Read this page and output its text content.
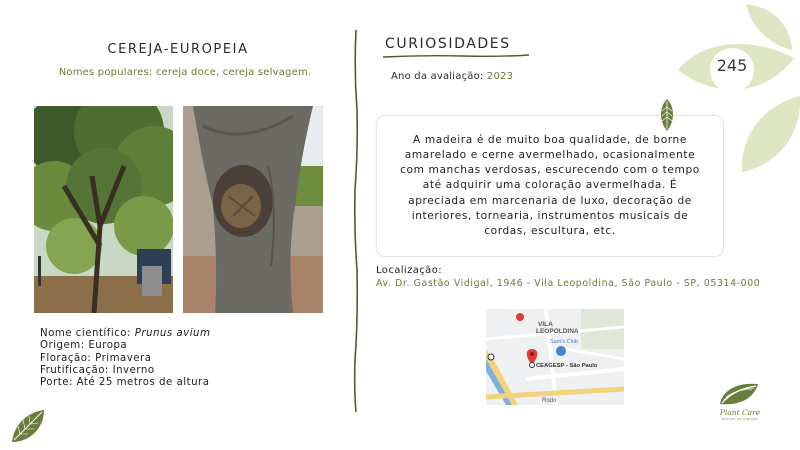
CEREJA-EUROPEIA
Nomes populares: cereja doce, cereja selvagem.
Nome científico: Prunus avium
Origem: Europa
Floração: Primavera
Frutificação: Inverno
Porte: Até 25 metros de altura
CURIOSIDADES
Ano da avaliação: 2023
A madeira é de muito boa qualidade, de borne amarelado e cerne avermelhado, ocasionalmente com manchas verdosas, escurecendo com o tempo até adquirir uma coloração avermelhada. É apreciada em marcenaria de luxo, decoração de interiores, tornearia, instrumentos musicais de cordas, escultura, etc.
Localização:
Av. Dr. Gastão Vidigal, 1946 - Vila Leopoldina, São Paulo - SP, 05314-000
VILA
LEOPOLDINA
Sam's Club
CEAGESP - São Paulo
Rodo
245
Plant Care
acervo de plantas
